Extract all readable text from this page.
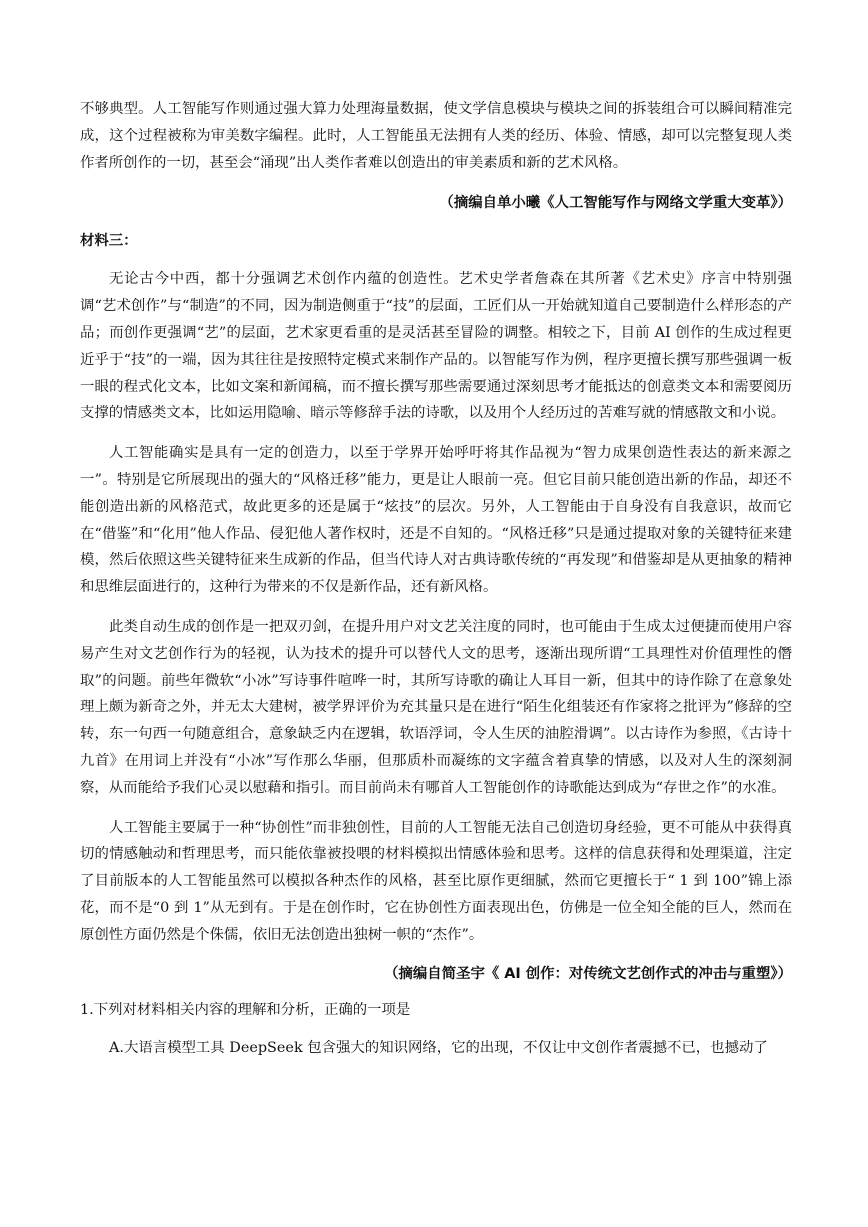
不够典型。人工智能写作则通过强大算力处理海量数据，使文学信息模块与模块之间的拆装组合可以瞬间精准完成，这个过程被称为审美数字编程。此时，人工智能虽无法拥有人类的经历、体验、情感，却可以完整复现人类作者所创作的一切，甚至会“涌现”出人类作者难以创造出的审美素质和新的艺术风格。

（摘编自单小曦《人工智能写作与网络文学重大变革》）

材料三：

无论古今中西，都十分强调艺术创作内蕴的创造性。艺术史学者詹森在其所著《艺术史》序言中特别强调“艺术创作”与“制造”的不同，因为制造侧重于“技”的层面，工匠们从一开始就知道自己要制造什么样形态的产品；而创作更强调“艺”的层面，艺术家更看重的是灵活甚至冒险的调整。相较之下，目前 AI 创作的生成过程更近乎于“技”的一端，因为其往往是按照特定模式来制作产品的。以智能写作为例，程序更擅长撰写那些强调一板一眼的程式化文本，比如文案和新闻稿，而不擅长撰写那些需要通过深刻思考才能抵达的创意类文本和需要阅历支撑的情感类文本，比如运用隐喻、暗示等修辞手法的诗歌，以及用个人经历过的苦难写就的情感散文和小说。

人工智能确实是具有一定的创造力，以至于学界开始呼吁将其作品视为“智力成果创造性表达的新来源之一”。特别是它所展现出的强大的“风格迁移”能力，更是让人眼前一亮。但它目前只能创造出新的作品，却还不能创造出新的风格范式，故此更多的还是属于“炫技”的层次。另外，人工智能由于自身没有自我意识，故而它在“借鉴”和“化用”他人作品、侵犯他人著作权时，还是不自知的。“风格迁移”只是通过提取对象的关键特征来建模，然后依照这些关键特征来生成新的作品，但当代诗人对古典诗歌传统的“再发现”和借鉴却是从更抽象的精神和思维层面进行的，这种行为带来的不仅是新作品，还有新风格。

此类自动生成的创作是一把双刃剑，在提升用户对文艺关注度的同时，也可能由于生成太过便捷而使用户容易产生对文艺创作行为的轻视，认为技术的提升可以替代人文的思考，逐渐出现所谓“工具理性对价值理性的僭取”的问题。前些年微软“小冰”写诗事件喧哗一时，其所写诗歌的确让人耳目一新，但其中的诗作除了在意象处理上颇为新奇之外，并无太大建树，被学界评价为充其量只是在进行“陌生化组装还有作家将之批评为”修辞的空转，东一句西一句随意组合，意象缺乏内在逻辑，软语浮词，令人生厌的油腔滑调”。以古诗作为参照，《古诗十九首》在用词上并没有“小冰”写作那么华丽，但那质朴而凝练的文字蕴含着真挚的情感，以及对人生的深刻洞察，从而能给予我们心灵以慰藉和指引。而目前尚未有哪首人工智能创作的诗歌能达到成为“存世之作”的水准。

人工智能主要属于一种“协创性”而非独创性，目前的人工智能无法自己创造切身经验，更不可能从中获得真切的情感触动和哲理思考，而只能依靠被投喂的材料模拟出情感体验和思考。这样的信息获得和处理渠道，注定了目前版本的人工智能虽然可以模拟各种杰作的风格，甚至比原作更细腻，然而它更擅长于“ 1 到 100”锦上添花，而不是“0 到 1”从无到有。于是在创作时，它在协创性方面表现出色，仿佛是一位全知全能的巨人，然而在原创性方面仍然是个侏儒，依旧无法创造出独树一帜的“杰作”。

（摘编自简圣宇《 AI 创作：对传统文艺创作式的冲击与重塑》）

1.下列对材料相关内容的理解和分析，正确的一项是

A.大语言模型工具 DeepSeek 包含强大的知识网络，它的出现，不仅让中文创作者震撼不已，也撼动了
